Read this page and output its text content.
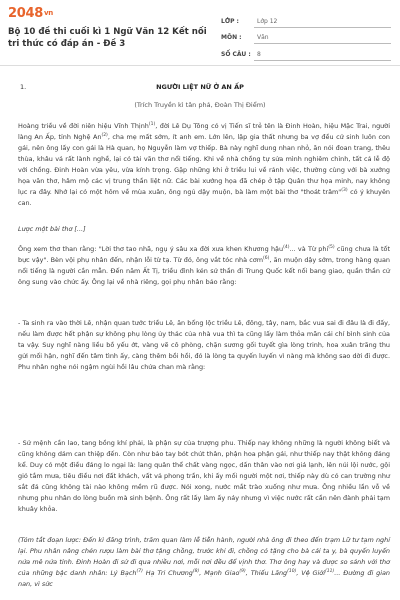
2048vn
Bộ 10 đề thi cuối kì 1 Ngữ Văn 12 Kết nối tri thức có đáp án - Đề 3
LỚP :	Lớp 12
MÔN :	Văn
SỐ CÂU :	8
NGƯỜI LIỆT NỮ Ở AN ẤP
1.
(Trích Truyền kì tân phả, Đoàn Thị Điểm)

Hoàng triều về đời niên hiệu Vĩnh Thịnh$^{(1)}$, đời Lê Dụ Tông có vị Tiến sĩ trẻ tên là Đinh Hoàn, hiệu Mặc Trai, người làng An Ấp, tỉnh Nghệ An$^{(2)}$, cha mẹ mất sớm, ít anh em. Lớn lên, lập gia thất nhưng ba vợ đều cứ sinh luôn con gái, nên ông lấy con gái là Hà quan, họ Nguyễn làm vợ thiếp. Bà này nghĩ dung nhan nhỏ, ăn nói đoan trang, thêu thùa, khâu vá rất lành nghề, lại có tài văn thơ nổi tiếng. Khi về nhà chồng tự sửa mình nghiêm chỉnh, tất cả lễ độ với chồng. Đinh Hoàn vừa yêu, vừa kính trọng. Gặp những khi ở triều lui về rảnh việc, thường cùng với bà xướng họa văn thơ, hâm mộ các vị trung thần liệt nữ. Các bài xướng họa đã chép ở tập Quân thư họa minh, nay không lục ra đây. Nhớ lại có một hôm về mùa xuân, ông ngủ dậy muộn, bà làm một bài thơ "thoát trâm"$^{(3)}$ có ý khuyên can.

Lược một bài thơ [...]

Ông xem thơ than rằng: "Lời thơ tao nhã, ngụ ý sâu xa đời xưa khen Khương hậu$^{(4)}$... và Từ phi$^{(5)}$ cũng chưa là tốt bực vậy". Bèn vội phụ nhân đến, nhận lỗi từ tạ. Từ đó, ông vắt tóc nhà cơm$^{(6)}$, ăn muộn dậy sớm, trong hàng quan nổi tiếng là người cần mẫn. Đến năm Ất Tị, triều đình kén sứ thần đi Trung Quốc kết nối bang giao, quần thần cử ông sung vào chức ấy. Ông lại về nhà riêng, gọi phụ nhân bảo rằng:

- Ta sinh ra vào thời Lê, nhận quan tước triều Lê, ăn bổng lộc triều Lê, đông, tây, nam, bắc vua sai đi đâu là đi đấy, nếu làm được hết phận sự không phụ lòng ủy thác của nhà vua thì ta cũng lấy làm thỏa mãn cái chí bình sinh của ta vậy. Suy nghĩ nàng liều bồ yếu ớt, vàng vẽ cô phòng, chặn sương gối tuyết gìa lòng trinh, hoa xuân trăng thu gửi mối hận, nghĩ đến tâm tình ấy, càng thêm bồi hồi, đó là lòng ta quyến luyến vì nàng mà không sao dời đi được. Phu nhân nghe nói ngậm ngùi hồi lâu chứa chan mà rằng:

- Sứ mệnh cần lao, tang bồng khí phải, là phận sự của trượng phu. Thiếp nay không những là người không biết và cũng không dám can thiệp đến. Còn như bảo tay bót chút thân, phận hoa phận gái, như thiếp nay thật không đáng kể. Duy có một điều đáng lo ngại là: lang quân thể chất vàng ngọc, dấn thân vào nơi giá lạnh, lên núi lội nước, gội gió tắm mưa, tiêu điều nơi đất khách, vất vả phong trần, khi ấy mối người một nơi, thiếp này dù có can trường như sắt đá cũng không tài nào không mềm rũ được. Nói xong, nước mắt trào xuống như mưa. Ông nhiều lần vỗ về nhưng phu nhân do lòng buồn mà sinh bệnh. Ông rất lấy làm ấy náy nhưng vì việc nước rất cần nên đành phải tạm khuây khỏa.

(Tóm tắt đoạn lược: Đến kì đăng trình, trăm quan làm lễ tiễn hành, người nhà ông đi theo đến trạm Lữ tư tạm nghỉ lại. Phu nhân nâng chén rượu làm bài thơ tặng chồng, trước khi đi, chồng có tặng cho bà cái ta y, bà quyến luyến nửa mê nửa tỉnh. Đinh Hoàn đi sứ đi qua nhiều nơi, mỗi nơi đều để vịnh thơ. Thơ ông hay và được so sánh với thơ của những bậc danh nhân: Lý Bạch$^{(7)}$ Hạ Tri Chương$^{(8)}$, Mạnh Giao$^{(9)}$, Thiếu Lăng$^{(10)}$, Vệ Giới$^{(11)}$... Đường đi gian nan, vì sức
